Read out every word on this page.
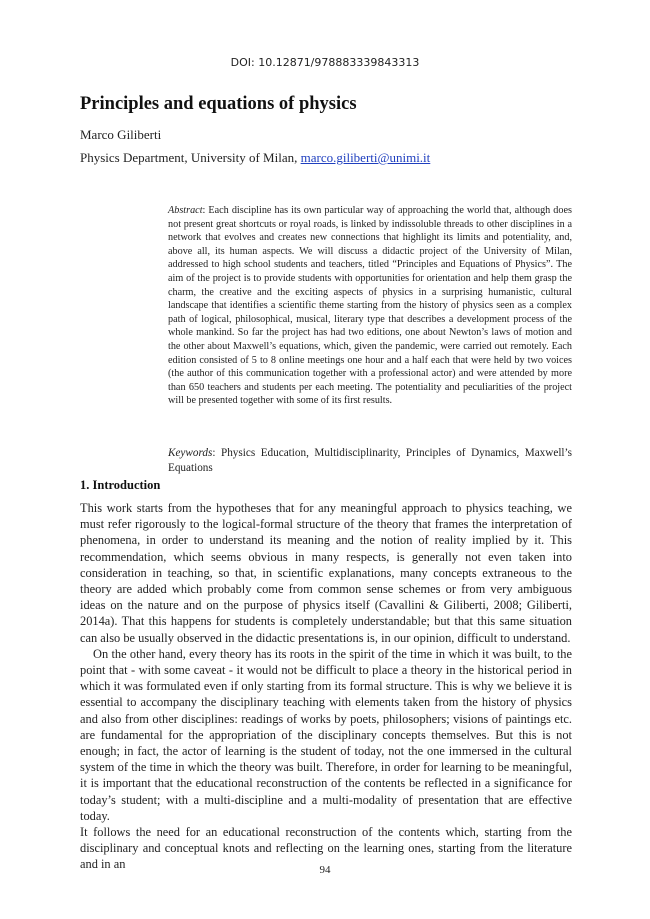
DOI: 10.12871/978883339843313
Principles and equations of physics
Marco Giliberti
Physics Department, University of Milan, marco.giliberti@unimi.it
Abstract: Each discipline has its own particular way of approaching the world that, although does not present great shortcuts or royal roads, is linked by indissoluble threads to other disciplines in a network that evolves and creates new connections that highlight its limits and potentiality, and, above all, its human aspects. We will discuss a didactic project of the University of Milan, addressed to high school students and teachers, titled “Principles and Equations of Physics”. The aim of the project is to provide students with opportunities for orientation and help them grasp the charm, the creative and the exciting aspects of physics in a surprising humanistic, cultural landscape that identifies a scientific theme starting from the history of physics seen as a complex path of logical, philosophical, musical, literary type that describes a development process of the whole mankind. So far the project has had two editions, one about Newton’s laws of motion and the other about Maxwell’s equations, which, given the pandemic, were carried out remotely. Each edition consisted of 5 to 8 online meetings one hour and a half each that were held by two voices (the author of this communication together with a professional actor) and were attended by more than 650 teachers and students per each meeting. The potentiality and peculiarities of the project will be presented together with some of its first results.
Keywords: Physics Education, Multidisciplinarity, Principles of Dynamics, Maxwell’s Equations
1. Introduction

This work starts from the hypotheses that for any meaningful approach to physics teaching, we must refer rigorously to the logical-formal structure of the theory that frames the interpretation of phenomena, in order to understand its meaning and the notion of reality implied by it. This recommendation, which seems obvious in many respects, is generally not even taken into consideration in teaching, so that, in scientific explanations, many concepts extraneous to the theory are added which probably come from common sense schemes or from very ambiguous ideas on the nature and on the purpose of physics itself (Cavallini & Giliberti, 2008; Giliberti, 2014a). That this happens for students is completely understandable; but that this same situation can also be usually observed in the didactic presentations is, in our opinion, difficult to understand.

On the other hand, every theory has its roots in the spirit of the time in which it was built, to the point that - with some caveat - it would not be difficult to place a theory in the historical period in which it was formulated even if only starting from its formal structure. This is why we believe it is essential to accompany the disciplinary teaching with elements taken from the history of physics and also from other disciplines: readings of works by poets, philosophers; visions of paintings etc. are fundamental for the appropriation of the disciplinary concepts themselves. But this is not enough; in fact, the actor of learning is the student of today, not the one immersed in the cultural system of the time in which the theory was built. Therefore, in order for learning to be meaningful, it is important that the educational reconstruction of the contents be reflected in a significance for today’s student; with a multi-discipline and a multi-modality of presentation that are effective today.

It follows the need for an educational reconstruction of the contents which, starting from the disciplinary and conceptual knots and reflecting on the learning ones, starting from the literature and in an	94
